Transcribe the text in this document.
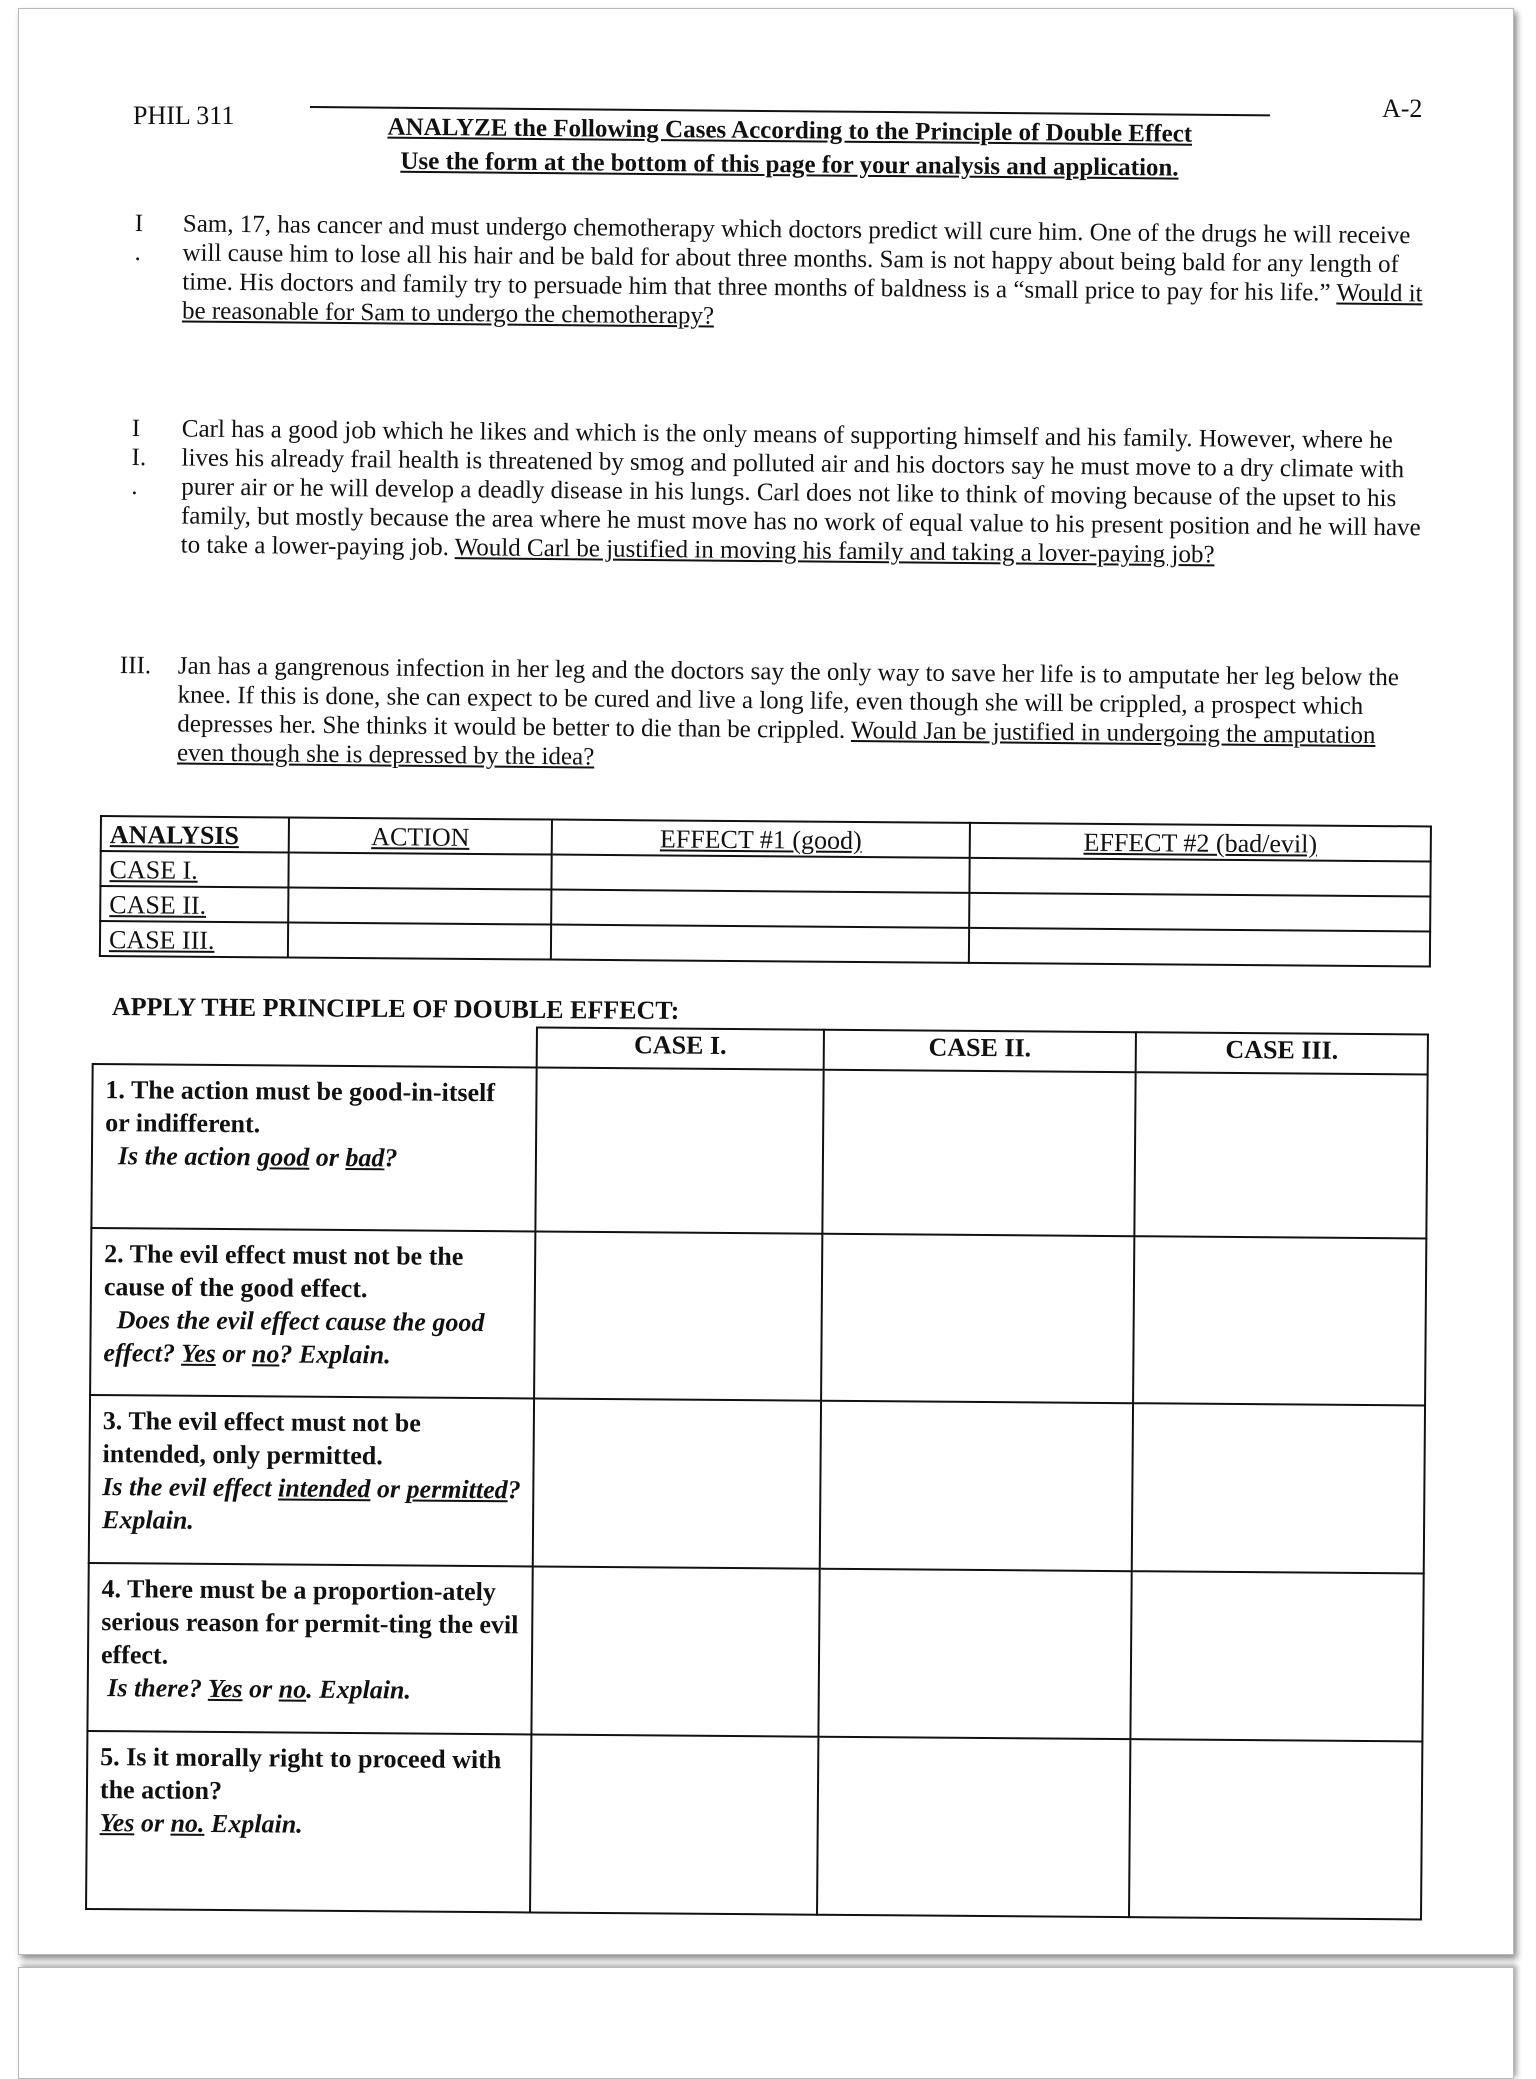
PHIL 311	A-2
ANALYZE the Following Cases According to the Principle of Double Effect
Use the form at the bottom of this page for your analysis and application.
I .
Sam, 17, has cancer and must undergo chemotherapy which doctors predict will cure him. One of the drugs he will receive will cause him to lose all his hair and be bald for about three months. Sam is not happy about being bald for any length of time. His doctors and family try to persuade him that three months of baldness is a “small price to pay for his life.” Would it be reasonable for Sam to undergo the chemotherapy?
I I. .
Carl has a good job which he likes and which is the only means of supporting himself and his family. However, where he lives his already frail health is threatened by smog and polluted air and his doctors say he must move to a dry climate with purer air or he will develop a deadly disease in his lungs. Carl does not like to think of moving because of the upset to his family, but mostly because the area where he must move has no work of equal value to his present position and he will have to take a lower-paying job. Would Carl be justified in moving his family and taking a lover-paying job?
III. Jan has a gangrenous infection in her leg and the doctors say the only way to save her life is to amputate her leg below the knee. If this is done, she can expect to be cured and live a long life, even though she will be crippled, a prospect which depresses her. She thinks it would be better to die than be crippled. Would Jan be justified in undergoing the amputation even though she is depressed by the idea?
ANALYSIS	ACTION	EFFECT #1 (good)	EFFECT #2 (bad/evil)
CASE I.			
CASE II.			
CASE III.			
APPLY THE PRINCIPLE OF DOUBLE EFFECT:
	CASE I.	CASE II.	CASE III.

1. The action must be good-in-itself or indifferent.
Is the action good or bad?			

2. The evil effect must not be the cause of the good effect.
Does the evil effect cause the good effect? Yes or no? Explain.			

3. The evil effect must not be intended, only permitted.
Is the evil effect intended or permitted? Explain.			

4. There must be a proportion-ately serious reason for permit-ting the evil effect.
Is there? Yes or no. Explain.			

5. Is it morally right to proceed with the action?
Yes or no. Explain.			
